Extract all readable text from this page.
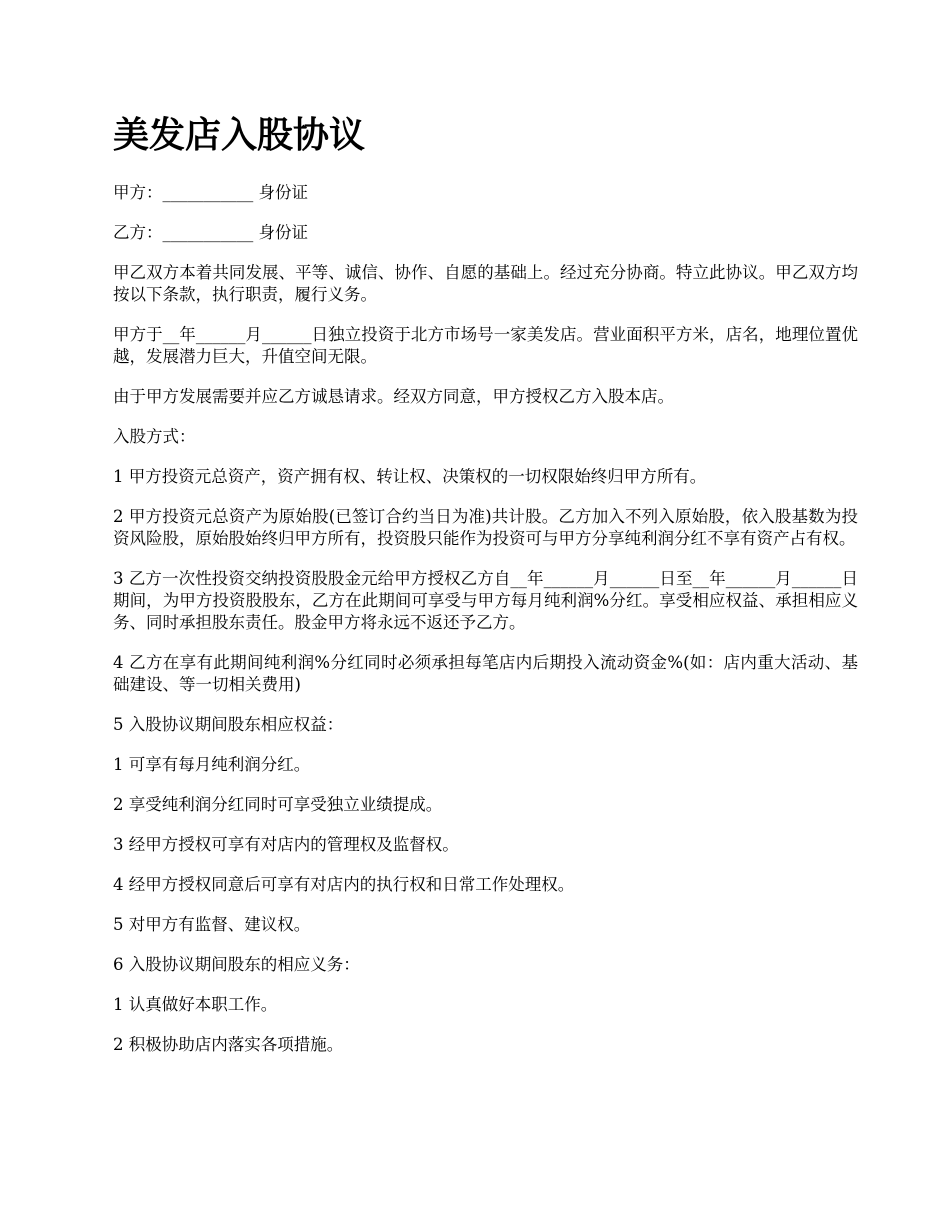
美发店入股协议

甲方：___________ 身份证

乙方：___________ 身份证

甲乙双方本着共同发展、平等、诚信、协作、自愿的基础上。经过充分协商。特立此协议。甲乙双方均按以下条款，执行职责，履行义务。

甲方于__年______月______日独立投资于北方市场号一家美发店。营业面积平方米，店名，地理位置优越，发展潜力巨大，升值空间无限。

由于甲方发展需要并应乙方诚恳请求。经双方同意，甲方授权乙方入股本店。

入股方式：

1 甲方投资元总资产，资产拥有权、转让权、决策权的一切权限始终归甲方所有。

2 甲方投资元总资产为原始股(已签订合约当日为准)共计股。乙方加入不列入原始股，依入股基数为投资风险股，原始股始终归甲方所有，投资股只能作为投资可与甲方分享纯利润分红不享有资产占有权。

3 乙方一次性投资交纳投资股股金元给甲方授权乙方自__年______月______日至__年______月______日期间，为甲方投资股股东，乙方在此期间可享受与甲方每月纯利润%分红。享受相应权益、承担相应义务、同时承担股东责任。股金甲方将永远不返还予乙方。

4 乙方在享有此期间纯利润%分红同时必须承担每笔店内后期投入流动资金%(如：店内重大活动、基础建设、等一切相关费用)

5 入股协议期间股东相应权益：

1 可享有每月纯利润分红。

2 享受纯利润分红同时可享受独立业绩提成。

3 经甲方授权可享有对店内的管理权及监督权。

4 经甲方授权同意后可享有对店内的执行权和日常工作处理权。

5 对甲方有监督、建议权。

6 入股协议期间股东的相应义务：

1 认真做好本职工作。

2 积极协助店内落实各项措施。
